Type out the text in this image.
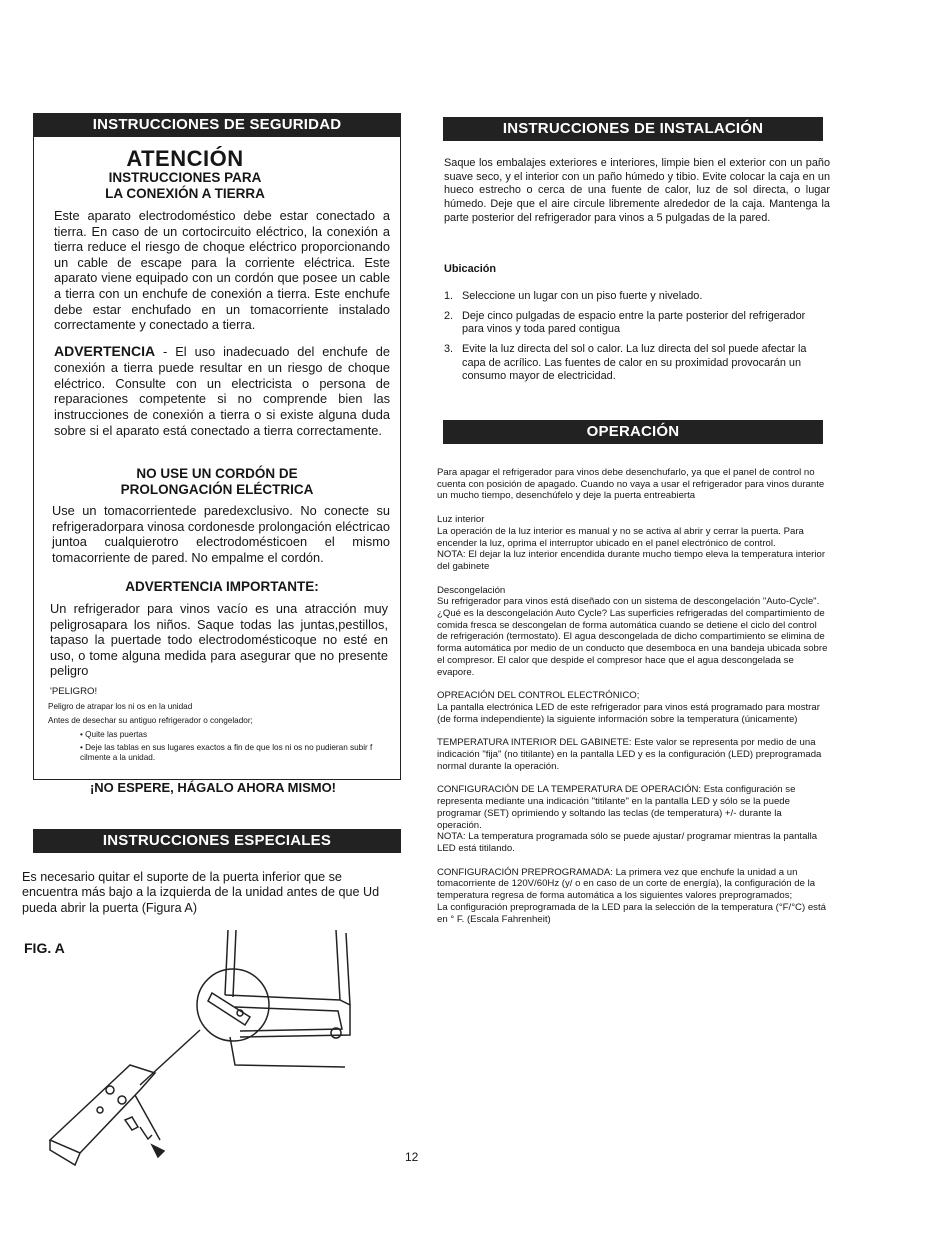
INSTRUCCIONES DE SEGURIDAD
ATENCIÓN
INSTRUCCIONES PARA
LA CONEXIÓN A TIERRA
Este aparato electrodoméstico debe estar conectado a tierra. En caso de un cortocircuito eléctrico, la conexión a tierra reduce el riesgo de choque eléctrico proporcionando un cable de escape para la corriente eléctrica. Este aparato viene equipado con un cordón que posee un cable a tierra con un enchufe de conexión a tierra. Este enchufe debe estar enchufado en un tomacorriente instalado correctamente y conectado a tierra.
ADVERTENCIA - El uso inadecuado del enchufe de conexión a tierra puede resultar en un riesgo de choque eléctrico. Consulte con un electricista o persona de reparaciones competente si no comprende bien las instrucciones de conexión a tierra o si existe alguna duda sobre si el aparato está conectado a tierra correctamente.
NO USE UN CORDÓN DE
PROLONGACIÓN ELÉCTRICA
Use un tomacorrientede paredexclusivo. No conecte su refrigeradorpara vinosa cordonesde prolongación eléctricao juntoa cualquierotro electrodomésticoen el mismo tomacorriente de pared. No empalme el cordón.
ADVERTENCIA IMPORTANTE:
Un refrigerador para vinos vacío es una atracción muy peligrosapara los niños. Saque todas las juntas,pestillos, tapaso la puertade todo electrodomésticoque no esté en uso, o tome alguna medida para asegurar que no presente peligro
'PELIGRO!
Peligro de atrapar los ni os en la unidad
Antes de desechar su antiguo refrigerador o congelador;
• Quite las puertas
• Deje las tablas en sus lugares exactos a fin de que los ni os no pudieran subir f cilmente a la unidad.
¡NO ESPERE, HÁGALO AHORA MISMO!
INSTRUCCIONES ESPECIALES
Es necesario quitar el suporte de la puerta inferior que se encuentra más bajo a la izquierda de la unidad antes de que Ud pueda abrir la puerta (Figura A)
FIG. A
INSTRUCCIONES DE INSTALACIÓN
Saque los embalajes exteriores e interiores, limpie bien el exterior con un paño suave seco, y el interior con un paño húmedo y tibio. Evite colocar la caja en un hueco estrecho o cerca de una fuente de calor, luz de sol directa, o lugar húmedo. Deje que el aire circule libremente alrededor de la caja. Mantenga la parte posterior del refrigerador para vinos a 5 pulgadas de la pared.
Ubicación
1. Seleccione un lugar con un piso fuerte y nivelado.
2. Deje cinco pulgadas de espacio entre la parte posterior del refrigerador para vinos y toda pared contigua
3. Evite la luz directa del sol o calor. La luz directa del sol puede afectar la capa de acrílico. Las fuentes de calor en su proximidad provocarán un consumo mayor de electricidad.
OPERACIÓN
Para apagar el refrigerador para vinos debe desenchufarlo, ya que el panel de control no cuenta con posición de apagado. Cuando no vaya a usar el refrigerador para vinos durante un mucho tiempo, desenchúfelo y deje la puerta entreabierta
Luz interior
La operación de la luz interior es manual y no se activa al abrir y cerrar la puerta. Para encender la luz, oprima el interruptor ubicado en el panel electrónico de control.
NOTA: El dejar la luz interior encendida durante mucho tiempo eleva la temperatura interior del gabinete
Descongelación
Su refrigerador para vinos está diseñado con un sistema de descongelación "Auto-Cycle". ¿Qué es la descongelación Auto Cycle? Las superficies refrigeradas del compartimiento de comida fresca se descongelan de forma automática cuando se detiene el ciclo del control de refrigeración (termostato). El agua descongelada de dicho compartimiento se elimina de forma automática por medio de un conducto que desemboca en una bandeja ubicada sobre el compresor. El calor que despide el compresor hace que el agua descongelada se evapore.
OPREACIÓN DEL CONTROL ELECTRÓNICO;
La pantalla electrónica LED de este refrigerador para vinos está programado para mostrar (de forma independiente) la siguiente información sobre la temperatura (únicamente)
TEMPERATURA INTERIOR DEL GABINETE: Este valor se representa por medio de una indicación "fija" (no titilante) en la pantalla LED y es la configuración (LED) preprogramada normal durante la operación.
CONFIGURACIÓN DE LA TEMPERATURA DE OPERACIÓN: Esta configuración se representa mediante una indicación "titilante" en la pantalla LED y sólo se la puede programar (SET) oprimiendo y soltando las teclas (de temperatura) +/- durante la operación.
NOTA: La temperatura programada sólo se puede ajustar/ programar mientras la pantalla LED está titilando.
CONFIGURACIÓN PREPROGRAMADA: La primera vez que enchufe la unidad a un tomacorriente de 120V/60Hz (y/ o en caso de un corte de energía), la configuración de la temperatura regresa de forma automática a los siguientes valores preprogramados;
La configuración preprogramada de la LED para la selección de la temperatura (°F/°C) está en ° F. (Escala Fahrenheit)
12
